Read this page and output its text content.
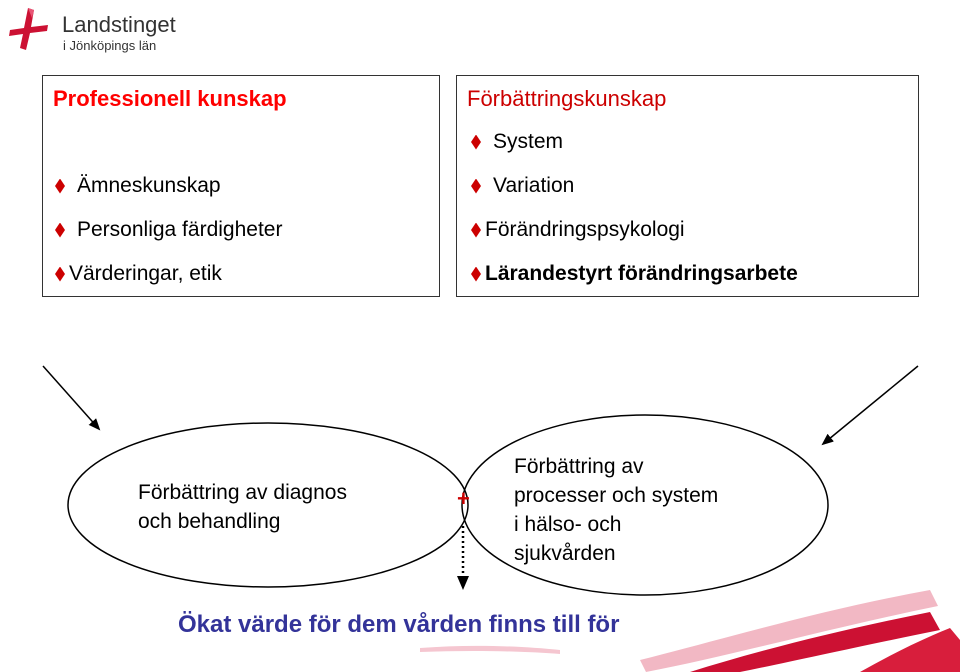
Landstinget
i Jönköpings län
Professionell kunskap
Ämneskunskap
Personliga färdigheter
Värderingar, etik
Förbättringskunskap
System
Variation
Förändringspsykologi
Lärandestyrt förändringsarbete
Förbättring av diagnos
och behandling
Förbättring av
processer och system
i hälso- och
sjukvården
+
Ökat värde för dem vården finns till för
